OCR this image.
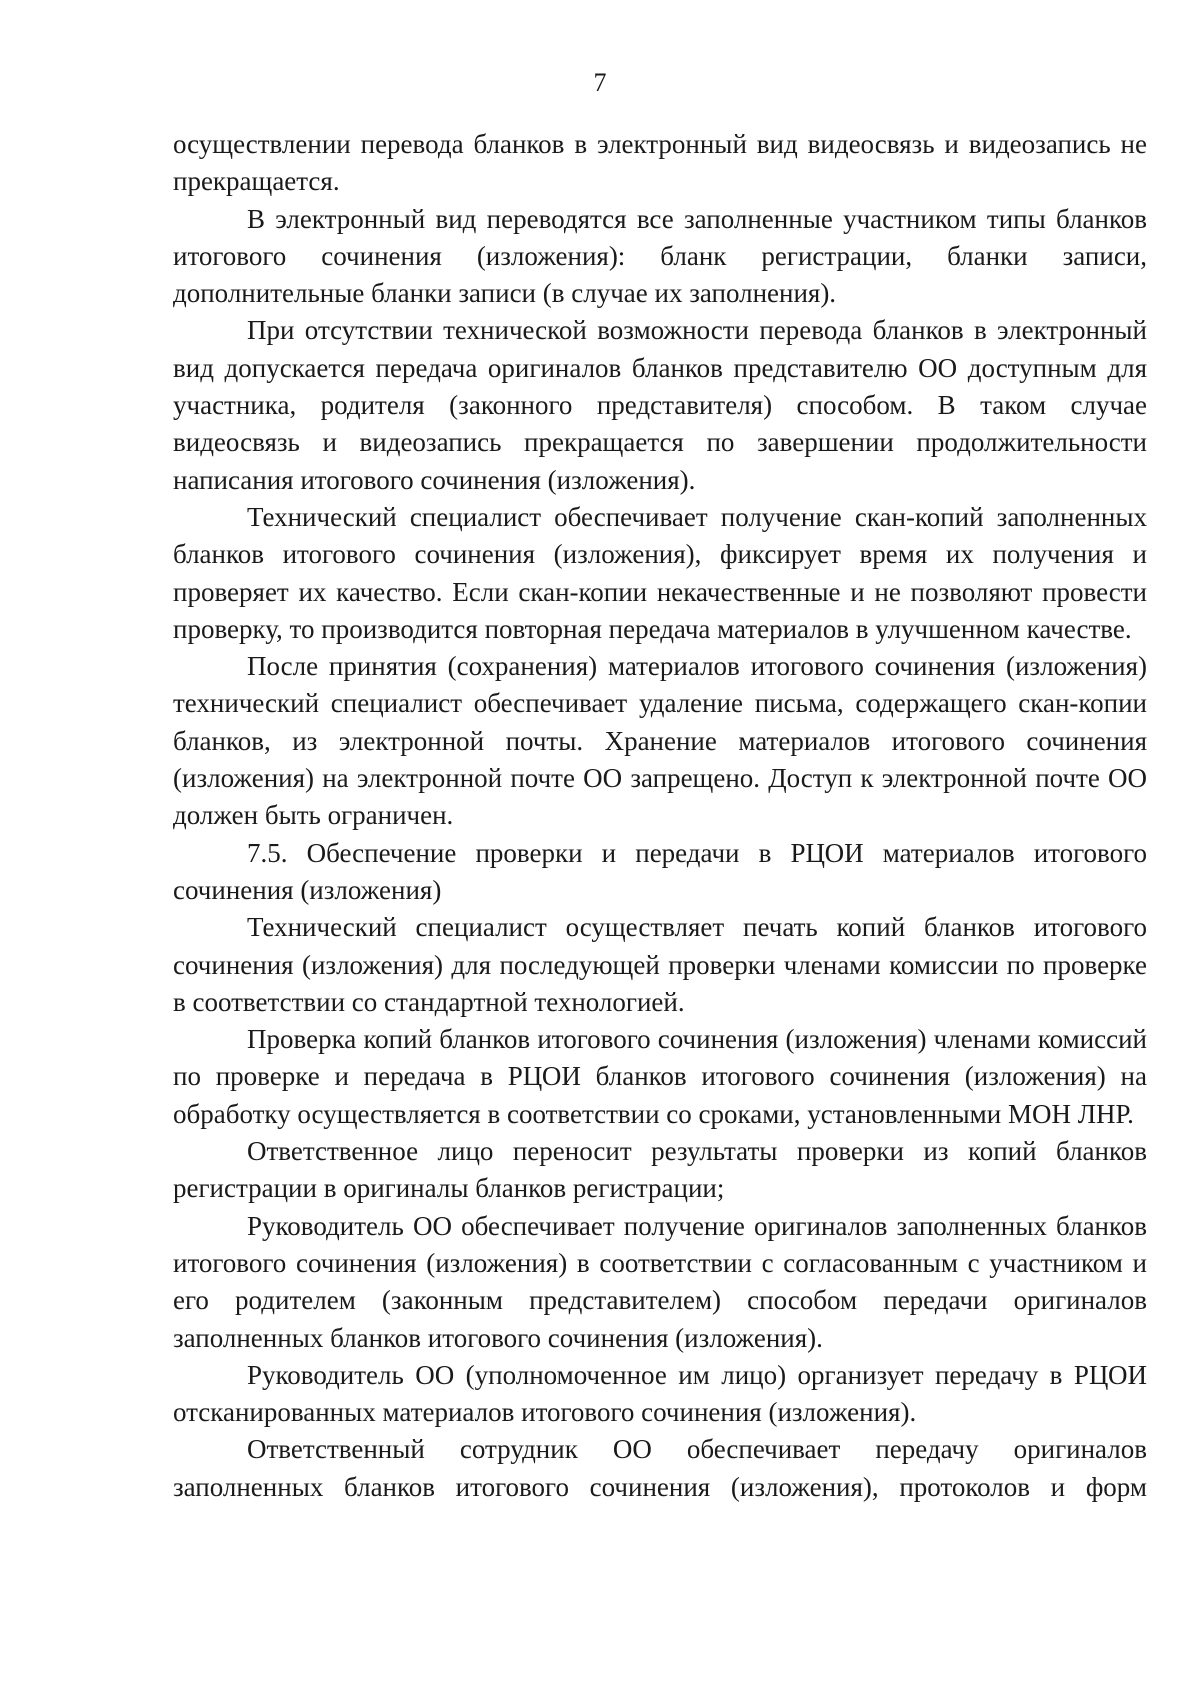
7

осуществлении перевода бланков в электронный вид видеосвязь и видеозапись не прекращается.

В электронный вид переводятся все заполненные участником типы бланков итогового сочинения (изложения): бланк регистрации, бланки записи, дополнительные бланки записи (в случае их заполнения).

При отсутствии технической возможности перевода бланков в электронный вид допускается передача оригиналов бланков представителю ОО доступным для участника, родителя (законного представителя) способом. В таком случае видеосвязь и видеозапись прекращается по завершении продолжительности написания итогового сочинения (изложения).

Технический специалист обеспечивает получение скан-копий заполненных бланков итогового сочинения (изложения), фиксирует время их получения и проверяет их качество. Если скан-копии некачественные и не позволяют провести проверку, то производится повторная передача материалов в улучшенном качестве.

После принятия (сохранения) материалов итогового сочинения (изложения) технический специалист обеспечивает удаление письма, содержащего скан-копии бланков, из электронной почты. Хранение материалов итогового сочинения (изложения) на электронной почте ОО запрещено. Доступ к электронной почте ОО должен быть ограничен.

7.5. Обеспечение проверки и передачи в РЦОИ материалов итогового сочинения (изложения)

Технический специалист осуществляет печать копий бланков итогового сочинения (изложения) для последующей проверки членами комиссии по проверке в соответствии со стандартной технологией.

Проверка копий бланков итогового сочинения (изложения) членами комиссий по проверке и передача в РЦОИ бланков итогового сочинения (изложения) на обработку осуществляется в соответствии со сроками, установленными МОН ЛНР.

Ответственное лицо переносит результаты проверки из копий бланков регистрации в оригиналы бланков регистрации;

Руководитель ОО обеспечивает получение оригиналов заполненных бланков итогового сочинения (изложения) в соответствии с согласованным с участником и его родителем (законным представителем) способом передачи оригиналов заполненных бланков итогового сочинения (изложения).

Руководитель ОО (уполномоченное им лицо) организует передачу в РЦОИ отсканированных материалов итогового сочинения (изложения).

Ответственный сотрудник ОО обеспечивает передачу оригиналов заполненных бланков итогового сочинения (изложения), протоколов и форм
